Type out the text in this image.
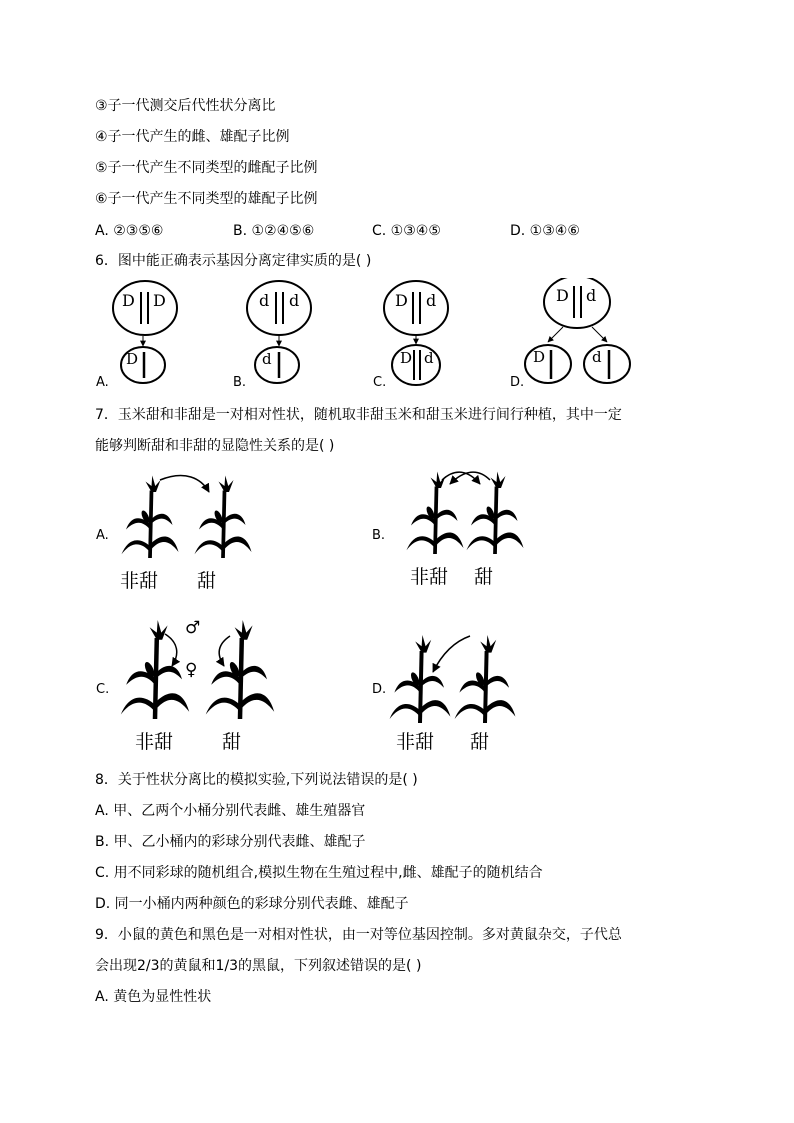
③子一代测交后代性状分离比
④子一代产生的雌、雄配子比例
⑤子一代产生不同类型的雌配子比例
⑥子一代产生不同类型的雄配子比例
A. ②③⑤⑥	B. ①②④⑤⑥	C. ①③④⑤	D. ①③④⑥
6．图中能正确表示基因分离定律实质的是( )
D D
D
d d
d
D d
D d
D d
D	d
A.	B.	C.	D.
7．玉米甜和非甜是一对相对性状，随机取非甜玉米和甜玉米进行间行种植，其中一定
能够判断甜和非甜的显隐性关系的是( )
A.
非甜 甜
B.
非甜 甜
♂
♀
C.
非甜	甜
D.
非甜 甜
8．关于性状分离比的模拟实验,下列说法错误的是( )
A. 甲、乙两个小桶分别代表雌、雄生殖器官
B. 甲、乙小桶内的彩球分别代表雌、雄配子
C. 用不同彩球的随机组合,模拟生物在生殖过程中,雌、雄配子的随机结合
D. 同一小桶内两种颜色的彩球分别代表雌、雄配子
9．小鼠的黄色和黑色是一对相对性状，由一对等位基因控制。多对黄鼠杂交，子代总
会出现2/3的黄鼠和1/3的黑鼠，下列叙述错误的是( )
A. 黄色为显性性状
